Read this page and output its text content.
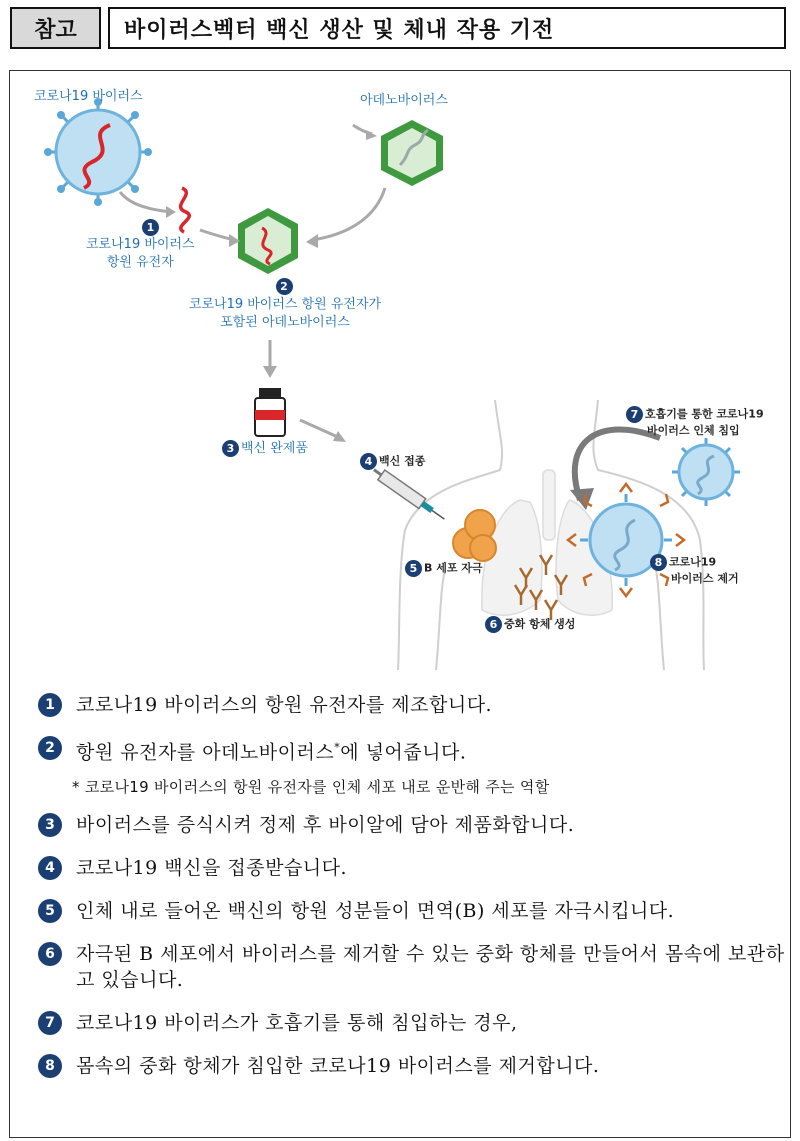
참고	바이러스벡터 백신 생산 및 체내 작용 기전
코로나19 바이러스	아데노바이러스
1
코로나19 바이러스
항원 유전자
2
코로나19 바이러스 항원 유전자가
포함된 아데노바이러스
3 백신 완제품
4 백신 접종
5 B 세포 자극
6 중화 항체 생성
7 호흡기를 통한 코로나19
바이러스 인체 침입
8 코로나19
바이러스 제거
1	코로나19 바이러스의 항원 유전자를 제조합니다.
2	항원 유전자를 아데노바이러스*에 넣어줍니다.
* 코로나19 바이러스의 항원 유전자를 인체 세포 내로 운반해 주는 역할
3	바이러스를 증식시켜 정제 후 바이알에 담아 제품화합니다.
4	코로나19 백신을 접종받습니다.
5	인체 내로 들어온 백신의 항원 성분들이 면역(B) 세포를 자극시킵니다.
6	자극된 B 세포에서 바이러스를 제거할 수 있는 중화 항체를 만들어서 몸속에 보관하고 있습니다.
7	코로나19 바이러스가 호흡기를 통해 침입하는 경우,
8	몸속의 중화 항체가 침입한 코로나19 바이러스를 제거합니다.
